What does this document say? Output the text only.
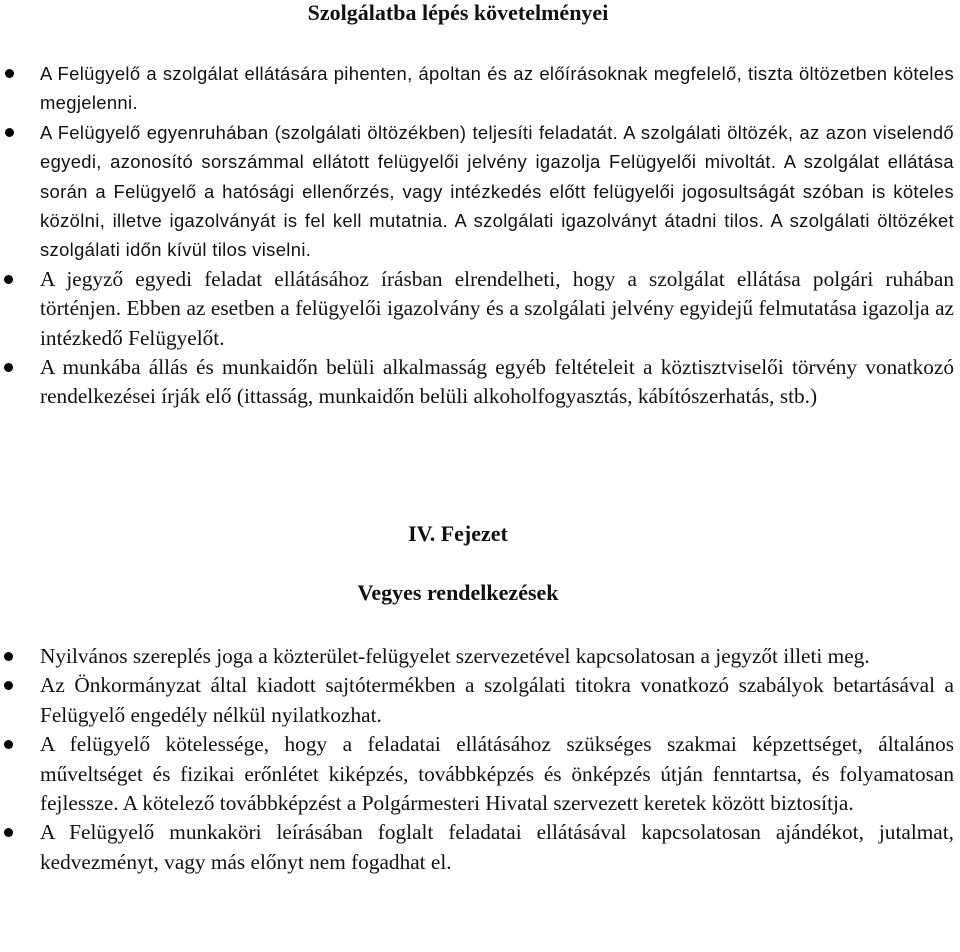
Szolgálatba lépés követelményei
A Felügyelő a szolgálat ellátására pihenten, ápoltan és az előírásoknak megfelelő, tiszta öltözetben köteles megjelenni.
A Felügyelő egyenruhában (szolgálati öltözékben) teljesíti feladatát. A szolgálati öltözék, az azon viselendő egyedi, azonosító sorszámmal ellátott felügyelői jelvény igazolja Felügyelői mivoltát. A szolgálat ellátása során a Felügyelő a hatósági ellenőrzés, vagy intézkedés előtt felügyelői jogosultságát szóban is köteles közölni, illetve igazolványát is fel kell mutatnia. A szolgálati igazolványt átadni tilos. A szolgálati öltözéket szolgálati időn kívül tilos viselni.
A jegyző egyedi feladat ellátásához írásban elrendelheti, hogy a szolgálat ellátása polgári ruhában történjen. Ebben az esetben a felügyelői igazolvány és a szolgálati jelvény egyidejű felmutatása igazolja az intézkedő Felügyelőt.
A munkába állás és munkaidőn belüli alkalmasság egyéb feltételeit a köztisztviselői törvény vonatkozó rendelkezései írják elő (ittasság, munkaidőn belüli alkoholfogyasztás, kábítószerhatás, stb.)
IV. Fejezet
Vegyes rendelkezések
Nyilvános szereplés joga a közterület-felügyelet szervezetével kapcsolatosan a jegyzőt illeti meg.
Az Önkormányzat által kiadott sajtótermékben a szolgálati titokra vonatkozó szabályok betartásával a Felügyelő engedély nélkül nyilatkozhat.
A felügyelő kötelessége, hogy a feladatai ellátásához szükséges szakmai képzettséget, általános műveltséget és fizikai erőnlétet kiképzés, továbbképzés és önképzés útján fenntartsa, és folyamatosan fejlessze. A kötelező továbbképzést a Polgármesteri Hivatal szervezett keretek között biztosítja.
A Felügyelő munkaköri leírásában foglalt feladatai ellátásával kapcsolatosan ajándékot, jutalmat, kedvezményt, vagy más előnyt nem fogadhat el.
